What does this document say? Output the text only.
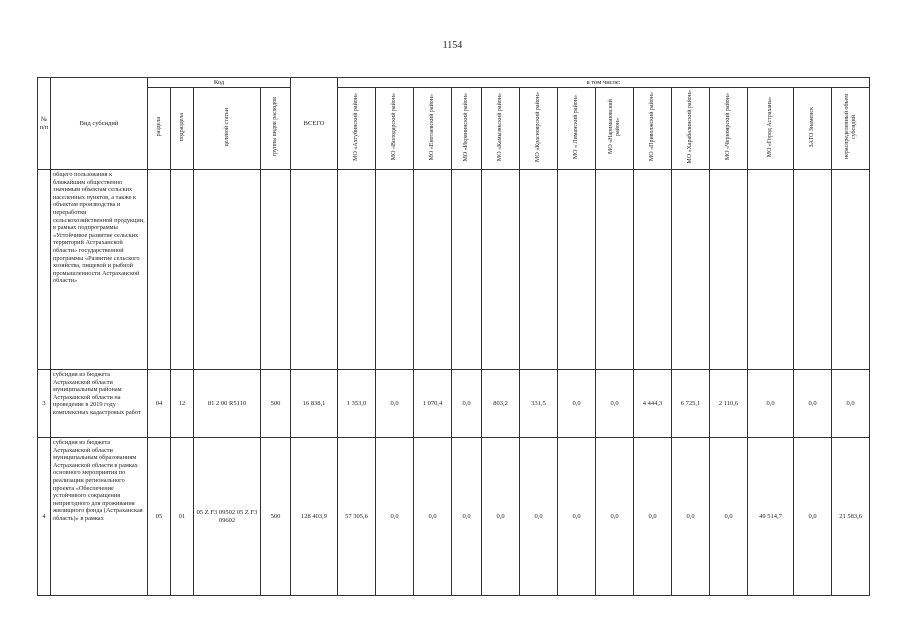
1154
№ п/п	Вид субсидий	Код				ВСЕГО	в том числе:													
		раздела	подраздела	целевой статьи	группы видов расходов		МО «Ахтубинский район»	МО «Володарский район»	МО «Енотаевский район»	МО «Икрянинский район»	МО «Камызякский район»	МО «Красноярский район»	МО « Лиманский район»	МО «Наримановский район»	МО «Приволжский район»	МО «Харабалинский район»	МО «Черноярский район»	МО «Город Астрахань»	ЗАТО Знаменск	нераспределенный объем субсидий
	общего пользования к ближайшим общественно значимым объектам сельских населенных пунктов, а также к объектам производства и переработки сельскохозяйственной продукции, в рамках подпрограммы «Устойчивое развитие сельских территорий Астраханской области» государственной программы «Развитие сельского хозяйства, пищевой и рыбной промышленности Астраханской области»																			
3	субсидия из бюджета Астраханской области муниципальным районам Астраханской области на проведение в 2019 году комплексных кадастровых работ	04	12	81 2 00 R5110	500	16 838,1	1 353,0	0,0	1 070,4	0,0	803,2	331,5	0,0	0,0	4 444,3	6 725,1	2 110,6	0,0	0,0	0,0
4	субсидия из бюджета Астраханской области муниципальным образованиям Астраханской области в рамках основного мероприятия по реализации регионального проекта «Обеспечение устойчивого сокращения непригодного для проживания жилищного фонда (Астраханская область)» в рамках	05	01	05 Z F3 09502 05 Z F3 09602	500	128 403,9	57 305,6	0,0	0,0	0,0	0,0	0,0	0,0	0,0	0,0	0,0	0,0	49 514,7	0,0	21 583,6
